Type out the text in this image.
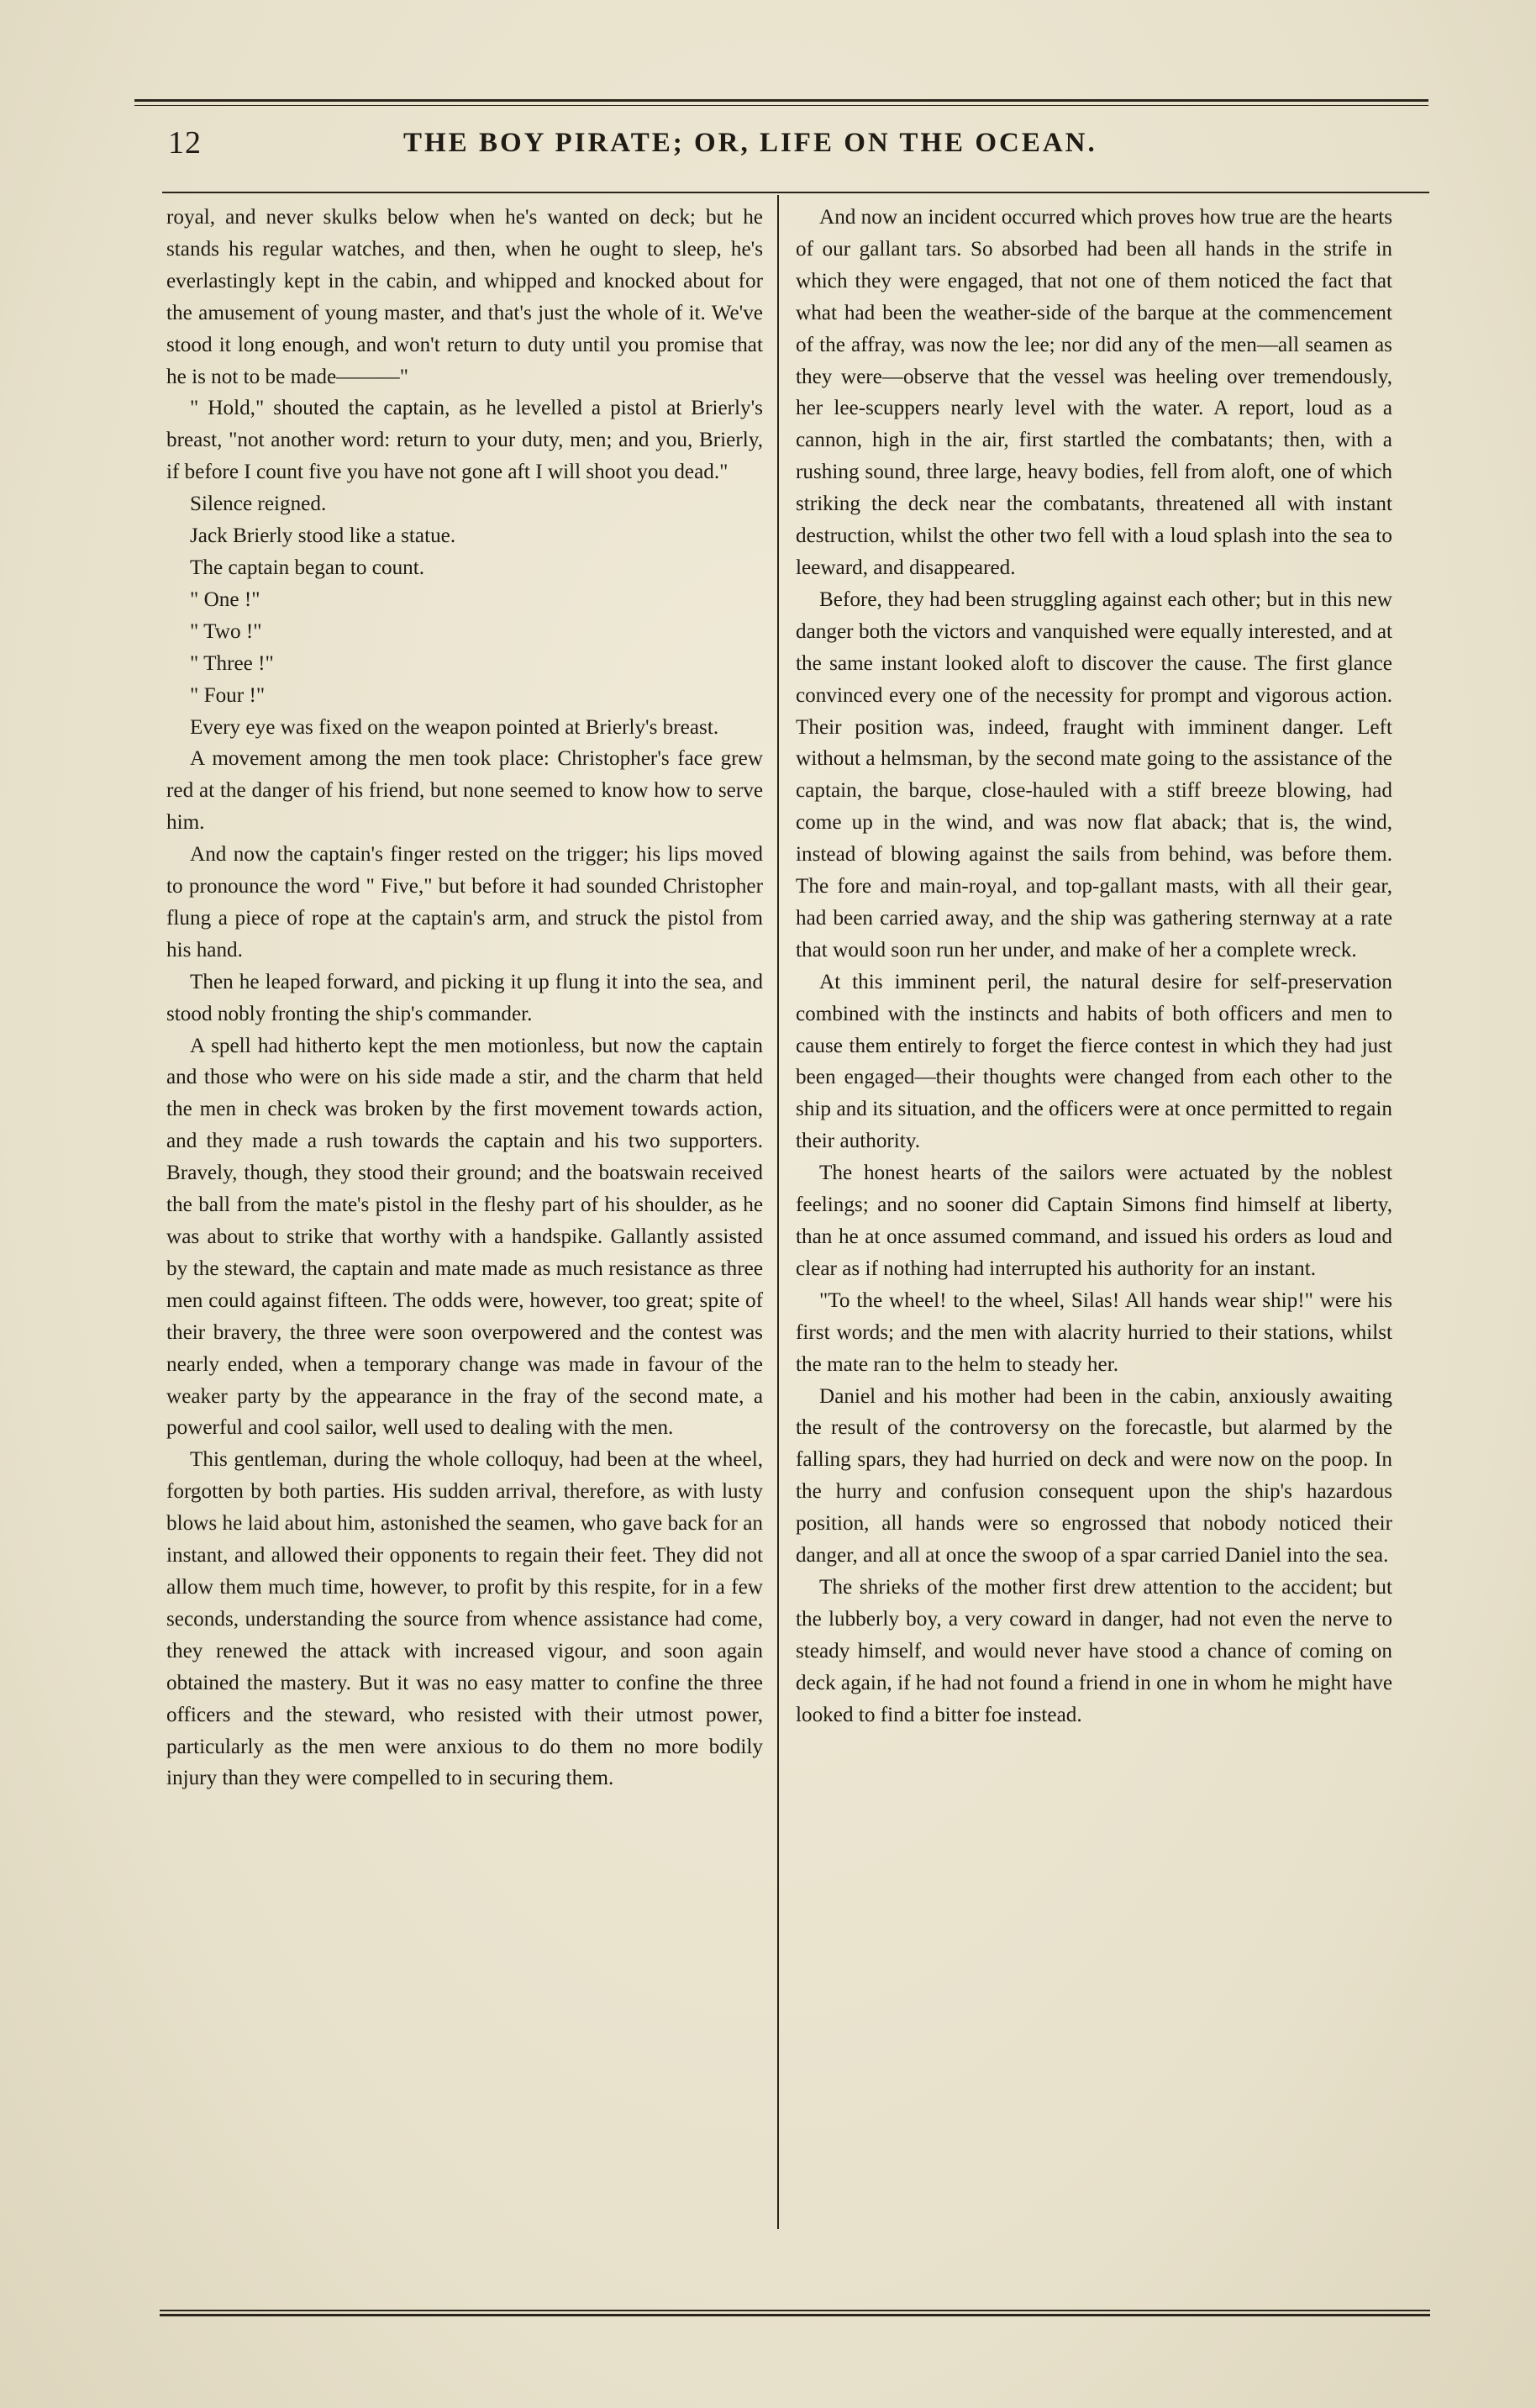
12	THE BOY PIRATE; OR, LIFE ON THE OCEAN.

royal, and never skulks below when he's wanted on deck; but he stands his regular watches, and then, when he ought to sleep, he's everlastingly kept in the cabin, and whipped and knocked about for the amusement of young master, and that's just the whole of it. We've stood it long enough, and won't return to duty until you promise that he is not to be made———"

" Hold," shouted the captain, as he levelled a pistol at Brierly's breast, "not another word: return to your duty, men; and you, Brierly, if before I count five you have not gone aft I will shoot you dead."

Silence reigned.

Jack Brierly stood like a statue.

The captain began to count.

" One !"

" Two !"

" Three !"

" Four !"

Every eye was fixed on the weapon pointed at Brierly's breast.

A movement among the men took place: Christopher's face grew red at the danger of his friend, but none seemed to know how to serve him.

And now the captain's finger rested on the trigger; his lips moved to pronounce the word " Five," but before it had sounded Christopher flung a piece of rope at the captain's arm, and struck the pistol from his hand.

Then he leaped forward, and picking it up flung it into the sea, and stood nobly fronting the ship's commander.

A spell had hitherto kept the men motionless, but now the captain and those who were on his side made a stir, and the charm that held the men in check was broken by the first movement towards action, and they made a rush towards the captain and his two supporters. Bravely, though, they stood their ground; and the boatswain received the ball from the mate's pistol in the fleshy part of his shoulder, as he was about to strike that worthy with a handspike. Gallantly assisted by the steward, the captain and mate made as much resistance as three men could against fifteen. The odds were, however, too great; spite of their bravery, the three were soon overpowered and the contest was nearly ended, when a temporary change was made in favour of the weaker party by the appearance in the fray of the second mate, a powerful and cool sailor, well used to dealing with the men.

This gentleman, during the whole colloquy, had been at the wheel, forgotten by both parties. His sudden arrival, therefore, as with lusty blows he laid about him, astonished the seamen, who gave back for an instant, and allowed their opponents to regain their feet. They did not allow them much time, however, to profit by this respite, for in a few seconds, understanding the source from whence assistance had come, they renewed the attack with increased vigour, and soon again obtained the mastery. But it was no easy matter to confine the three officers and the steward, who resisted with their utmost power, particularly as the men were anxious to do them no more bodily injury than they were compelled to in securing them.

And now an incident occurred which proves how true are the hearts of our gallant tars. So absorbed had been all hands in the strife in which they were engaged, that not one of them noticed the fact that what had been the weather-side of the barque at the commencement of the affray, was now the lee; nor did any of the men—all seamen as they were—observe that the vessel was heeling over tremendously, her lee-scuppers nearly level with the water. A report, loud as a cannon, high in the air, first startled the combatants; then, with a rushing sound, three large, heavy bodies, fell from aloft, one of which striking the deck near the combatants, threatened all with instant destruction, whilst the other two fell with a loud splash into the sea to leeward, and disappeared.

Before, they had been struggling against each other; but in this new danger both the victors and vanquished were equally interested, and at the same instant looked aloft to discover the cause. The first glance convinced every one of the necessity for prompt and vigorous action. Their position was, indeed, fraught with imminent danger. Left without a helmsman, by the second mate going to the assistance of the captain, the barque, close-hauled with a stiff breeze blowing, had come up in the wind, and was now flat aback; that is, the wind, instead of blowing against the sails from behind, was before them. The fore and main-royal, and top-gallant masts, with all their gear, had been carried away, and the ship was gathering sternway at a rate that would soon run her under, and make of her a complete wreck.

At this imminent peril, the natural desire for self-preservation combined with the instincts and habits of both officers and men to cause them entirely to forget the fierce contest in which they had just been engaged—their thoughts were changed from each other to the ship and its situation, and the officers were at once permitted to regain their authority.

The honest hearts of the sailors were actuated by the noblest feelings; and no sooner did Captain Simons find himself at liberty, than he at once assumed command, and issued his orders as loud and clear as if nothing had interrupted his authority for an instant.

"To the wheel! to the wheel, Silas! All hands wear ship!" were his first words; and the men with alacrity hurried to their stations, whilst the mate ran to the helm to steady her.

Daniel and his mother had been in the cabin, anxiously awaiting the result of the controversy on the forecastle, but alarmed by the falling spars, they had hurried on deck and were now on the poop. In the hurry and confusion consequent upon the ship's hazardous position, all hands were so engrossed that nobody noticed their danger, and all at once the swoop of a spar carried Daniel into the sea.

The shrieks of the mother first drew attention to the accident; but the lubberly boy, a very coward in danger, had not even the nerve to steady himself, and would never have stood a chance of coming on deck again, if he had not found a friend in one in whom he might have looked to find a bitter foe instead.
